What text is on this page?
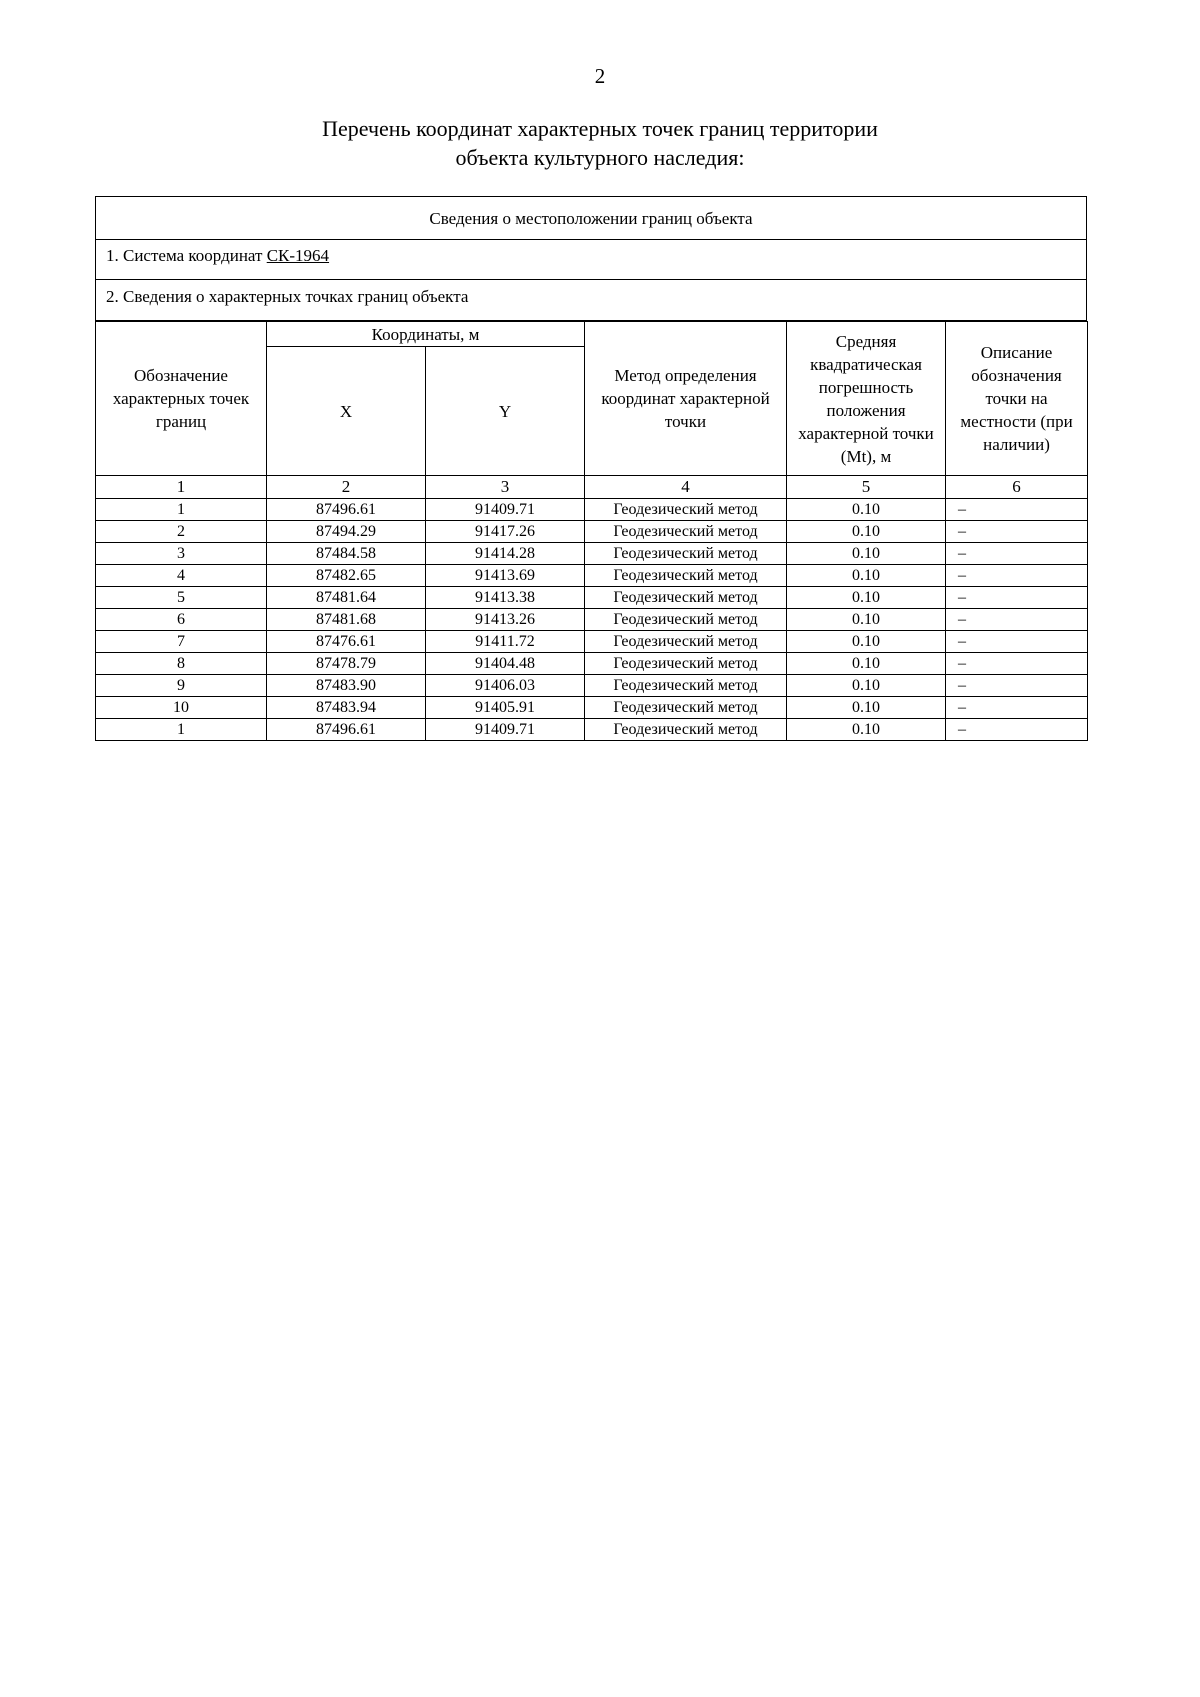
2
Перечень координат характерных точек границ территории
объекта культурного наследия:
Сведения о местоположении границ объекта
1. Система координат СК-1964
2. Сведения о характерных точках границ объекта
Обозначение характерных точек границ	Координаты, м		Метод определения координат характерной точки	Средняя квадратическая погрешность положения характерной точки (Mt), м	Описание обозначения точки на местности (при наличии)
	X	Y			
1	2	3	4	5	6
1	87496.61	91409.71	Геодезический метод	0.10	–
2	87494.29	91417.26	Геодезический метод	0.10	–
3	87484.58	91414.28	Геодезический метод	0.10	–
4	87482.65	91413.69	Геодезический метод	0.10	–
5	87481.64	91413.38	Геодезический метод	0.10	–
6	87481.68	91413.26	Геодезический метод	0.10	–
7	87476.61	91411.72	Геодезический метод	0.10	–
8	87478.79	91404.48	Геодезический метод	0.10	–
9	87483.90	91406.03	Геодезический метод	0.10	–
10	87483.94	91405.91	Геодезический метод	0.10	–
1	87496.61	91409.71	Геодезический метод	0.10	–
